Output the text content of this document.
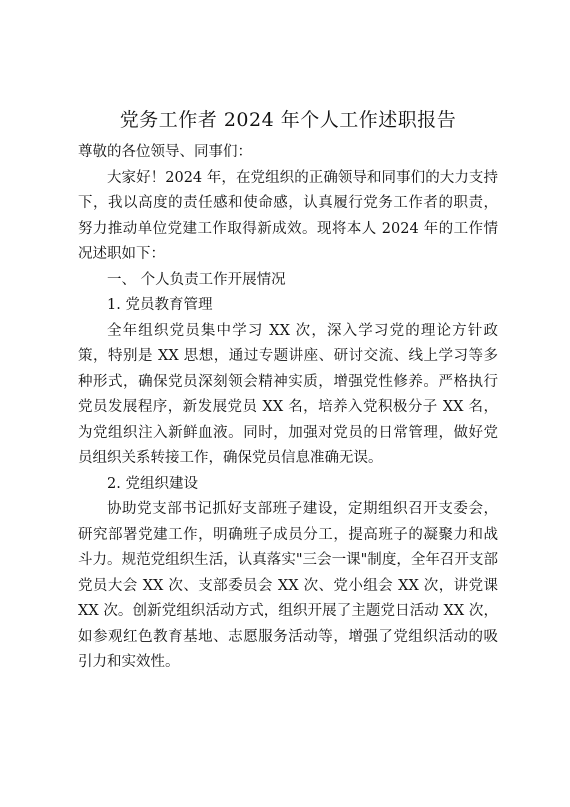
党务工作者 2024 年个人工作述职报告

尊敬的各位领导、同事们：

大家好！2024 年，在党组织的正确领导和同事们的大力支持下，我以高度的责任感和使命感，认真履行党务工作者的职责，努力推动单位党建工作取得新成效。现将本人 2024 年的工作情况述职如下：

一、 个人负责工作开展情况

1. 党员教育管理

全年组织党员集中学习 XX 次，深入学习党的理论方针政策，特别是 XX 思想，通过专题讲座、研讨交流、线上学习等多种形式，确保党员深刻领会精神实质，增强党性修养。严格执行党员发展程序，新发展党员 XX 名，培养入党积极分子 XX 名，为党组织注入新鲜血液。同时，加强对党员的日常管理，做好党员组织关系转接工作，确保党员信息准确无误。

2. 党组织建设

协助党支部书记抓好支部班子建设，定期组织召开支委会，研究部署党建工作，明确班子成员分工，提高班子的凝聚力和战斗力。规范党组织生活，认真落实"三会一课"制度，全年召开支部党员大会 XX 次、支部委员会 XX 次、党小组会 XX 次，讲党课 XX 次。创新党组织活动方式，组织开展了主题党日活动 XX 次，如参观红色教育基地、志愿服务活动等，增强了党组织活动的吸引力和实效性。
